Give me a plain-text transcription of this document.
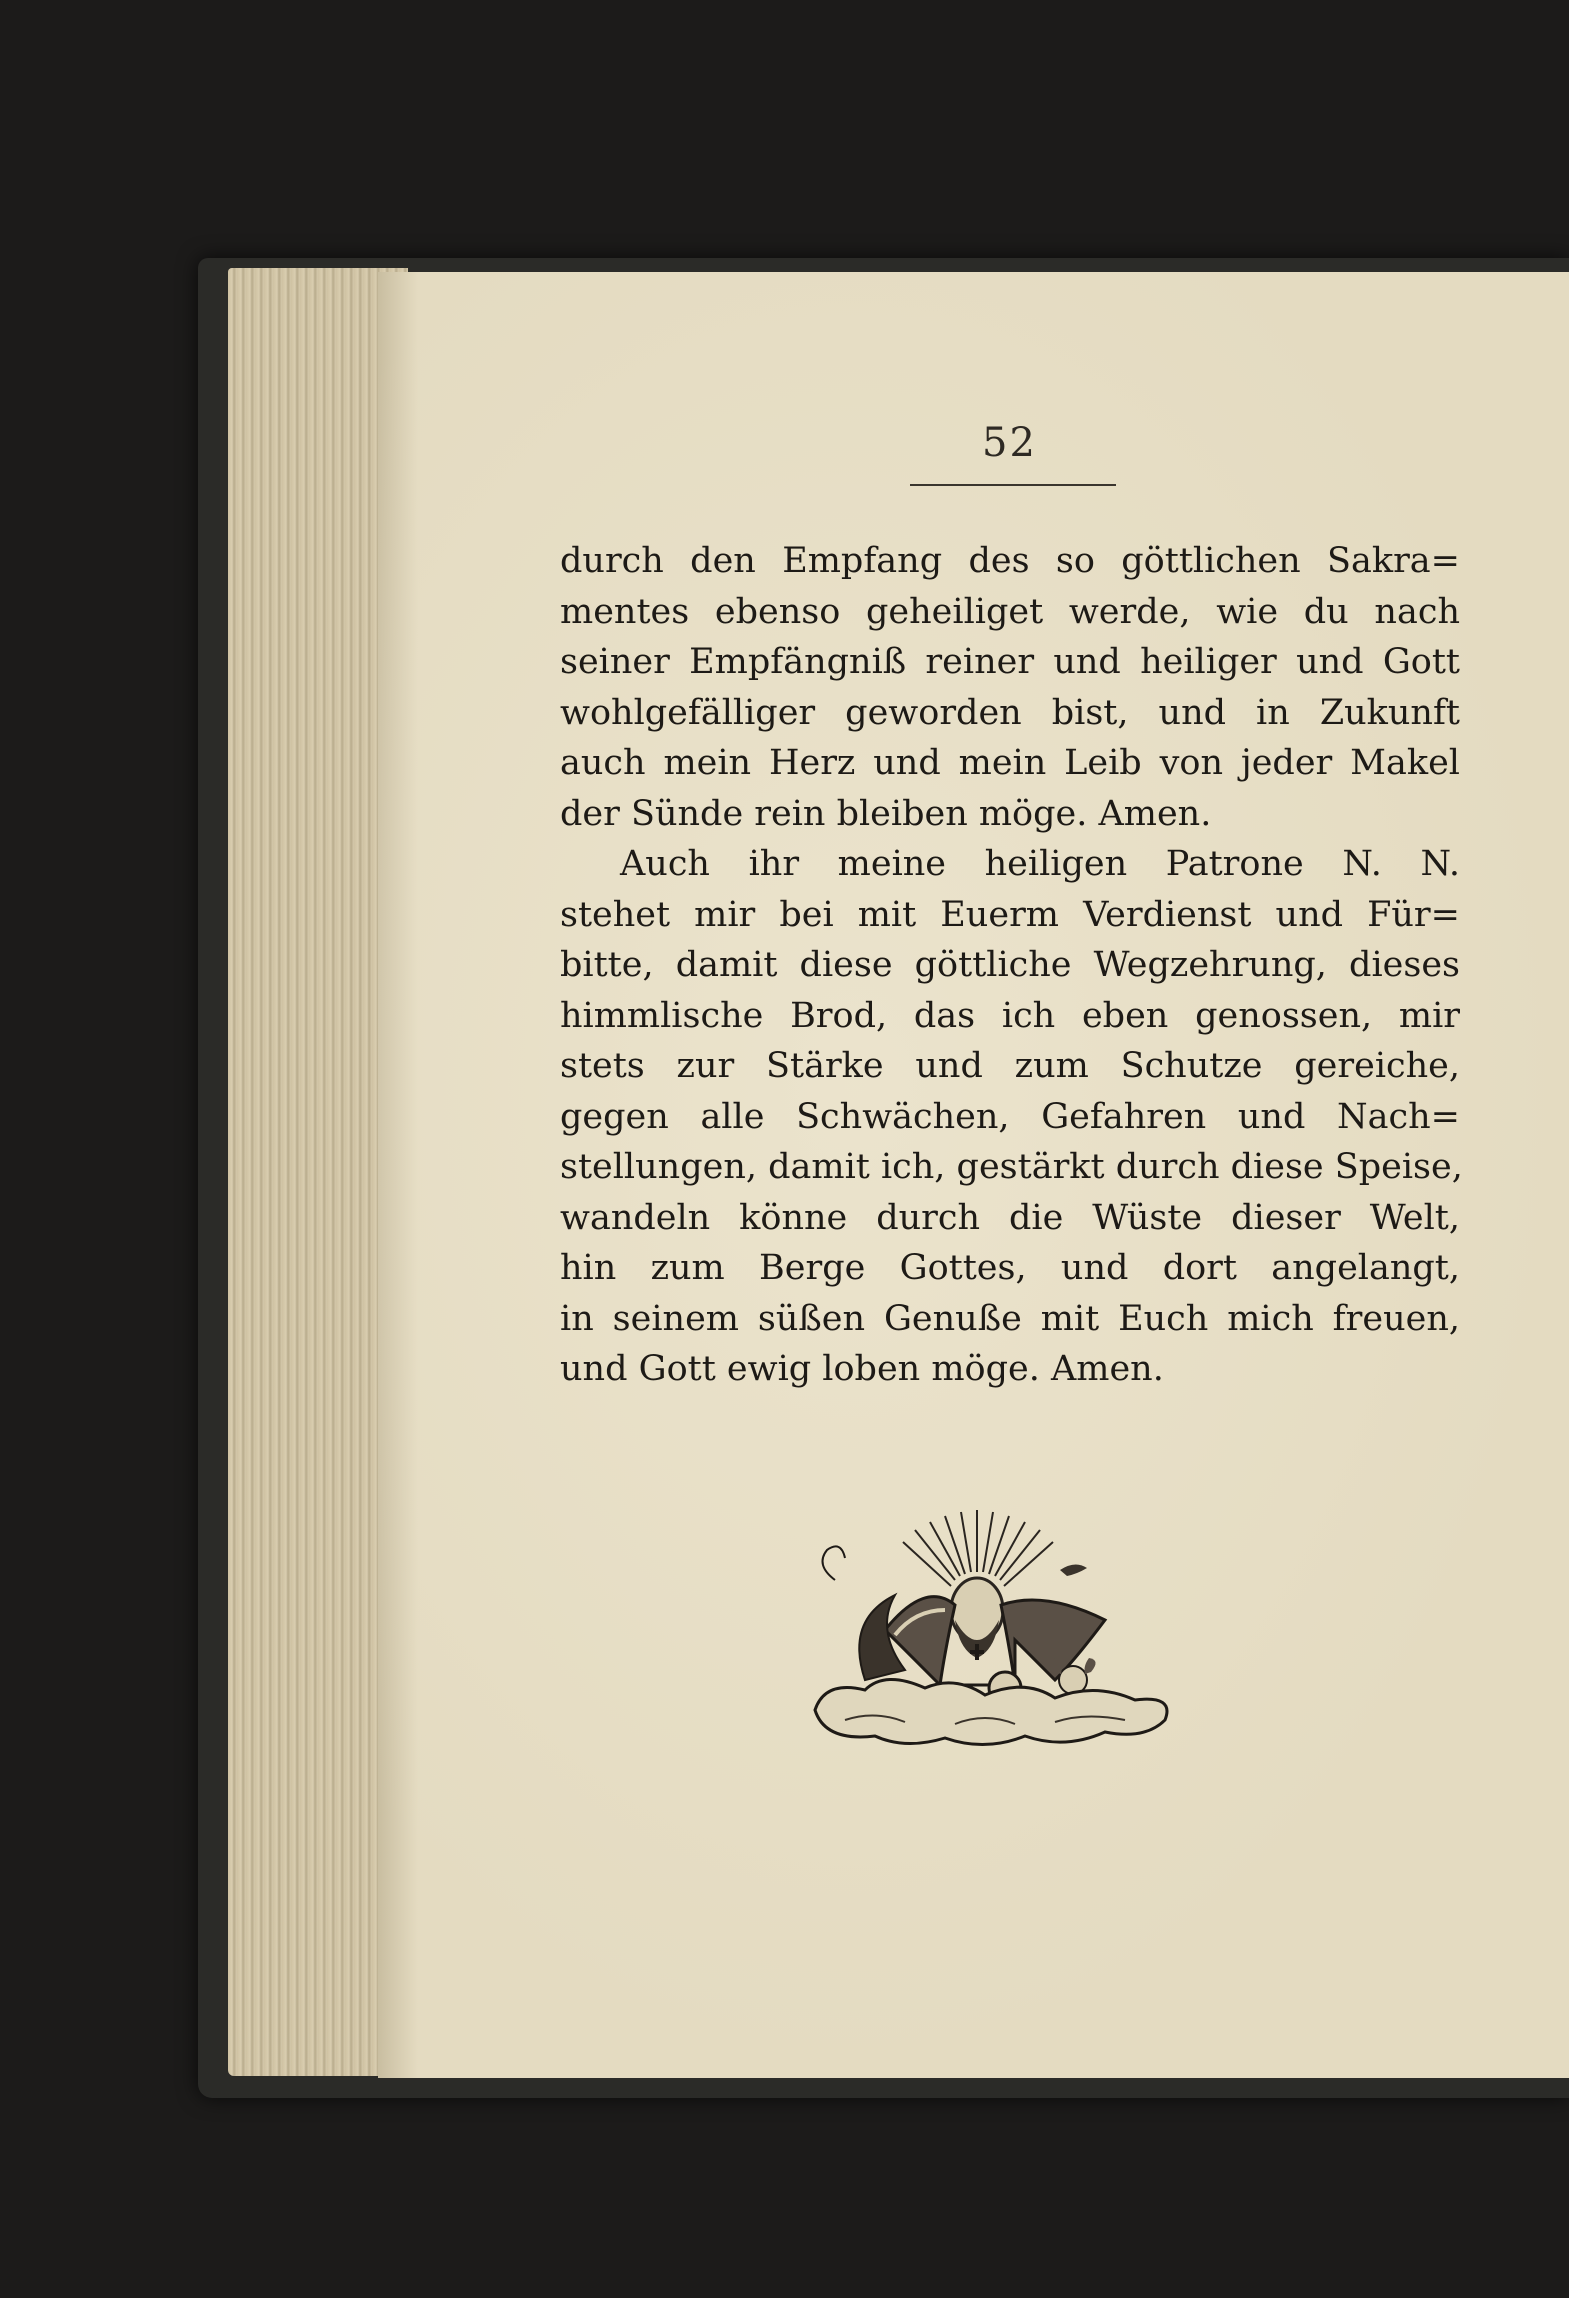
52
durch den Empfang des so göttlichen Sakra=
mentes ebenso geheiliget werde, wie du nach
seiner Empfängniß reiner und heiliger und Gott
wohlgefälliger geworden bist, und in Zukunft
auch mein Herz und mein Leib von jeder Makel
der Sünde rein bleiben möge. Amen.
Auch ihr meine heiligen Patrone N. N.
stehet mir bei mit Euerm Verdienst und Für=
bitte, damit diese göttliche Wegzehrung, dieses
himmlische Brod, das ich eben genossen, mir
stets zur Stärke und zum Schutze gereiche,
gegen alle Schwächen, Gefahren und Nach=
stellungen, damit ich, gestärkt durch diese Speise,
wandeln könne durch die Wüste dieser Welt,
hin zum Berge Gottes, und dort angelangt,
in seinem süßen Genuße mit Euch mich freuen,
und Gott ewig loben möge. Amen.
